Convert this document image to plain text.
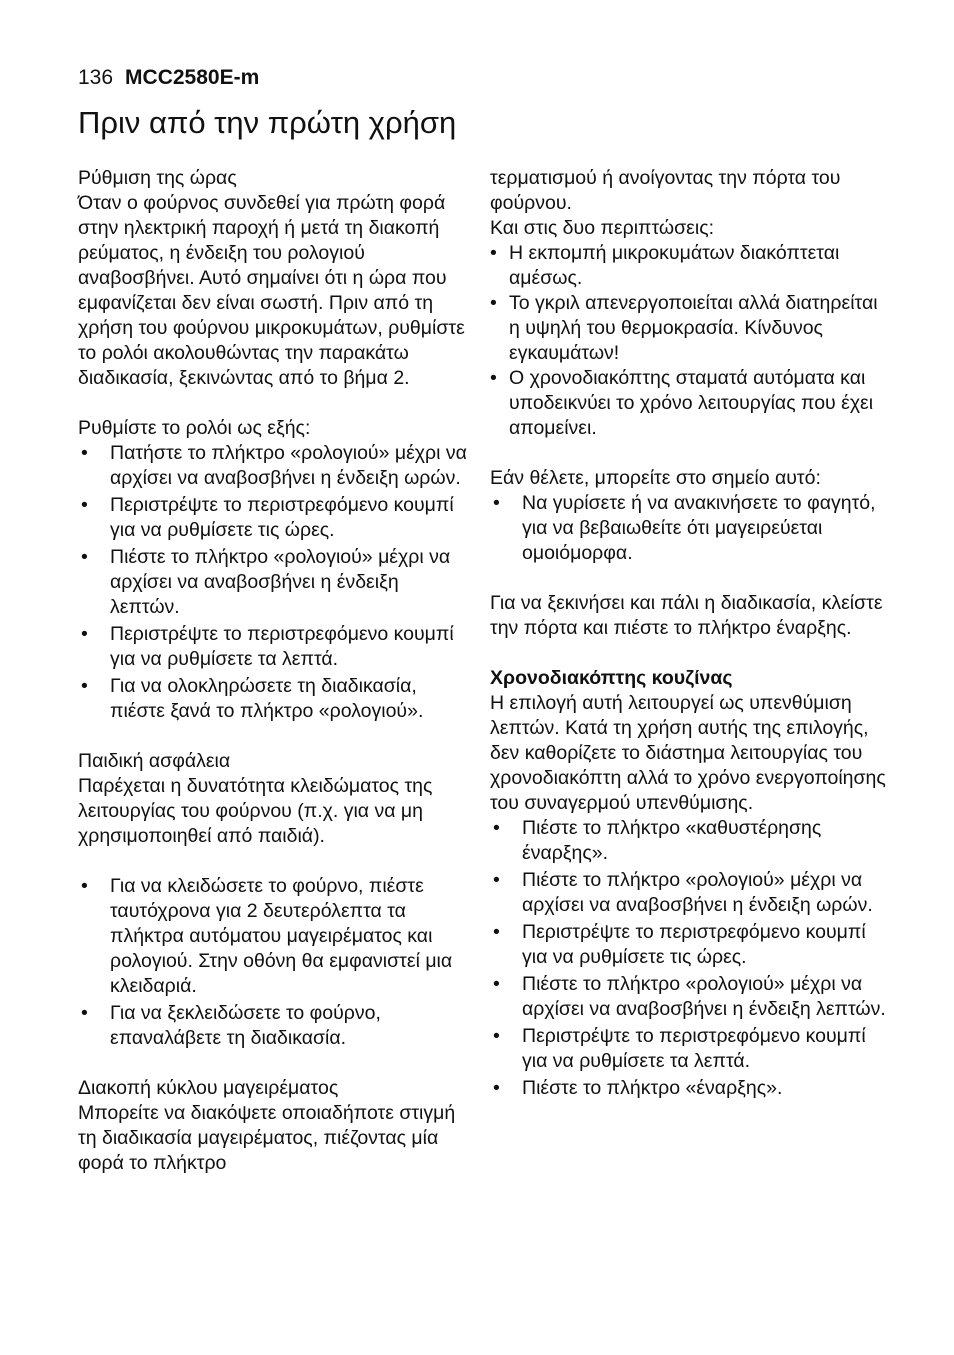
136 MCC2580E-m
Πριν από την πρώτη χρήση

Ρύθμιση της ώρας

Όταν ο φούρνος συνδεθεί για πρώτη φορά στην ηλεκτρική παροχή ή μετά τη διακοπή ρεύματος, η ένδειξη του ρολογιού αναβοσβήνει. Αυτό σημαίνει ότι η ώρα που εμφανίζεται δεν είναι σωστή. Πριν από τη χρήση του φούρνου μικροκυμάτων, ρυθμίστε το ρολόι ακολουθώντας την παρακάτω διαδικασία, ξεκινώντας από το βήμα 2.

Ρυθμίστε το ρολόι ως εξής:

• Πατήστε το πλήκτρο «ρολογιού» μέχρι να αρχίσει να αναβοσβήνει η ένδειξη ωρών.
• Περιστρέψτε το περιστρεφόμενο κουμπί για να ρυθμίσετε τις ώρες.
• Πιέστε το πλήκτρο «ρολογιού» μέχρι να αρχίσει να αναβοσβήνει η ένδειξη λεπτών.
• Περιστρέψτε το περιστρεφόμενο κουμπί για να ρυθμίσετε τα λεπτά.
• Για να ολοκληρώσετε τη διαδικασία, πιέστε ξανά το πλήκτρο «ρολογιού».

Παιδική ασφάλεια

Παρέχεται η δυνατότητα κλειδώματος της λειτουργίας του φούρνου (π.χ. για να μη χρησιμοποιηθεί από παιδιά).

• Για να κλειδώσετε το φούρνο, πιέστε ταυτόχρονα για 2 δευτερόλεπτα τα πλήκτρα αυτόματου μαγειρέματος και ρολογιού. Στην οθόνη θα εμφανιστεί μια κλειδαριά.
• Για να ξεκλειδώσετε το φούρνο, επαναλάβετε τη διαδικασία.

Διακοπή κύκλου μαγειρέματος

Μπορείτε να διακόψετε οποιαδήποτε στιγμή τη διαδικασία μαγειρέματος, πιέζοντας μία φορά το πλήκτρο

τερματισμού ή ανοίγοντας την πόρτα του φούρνου.

Και στις δυο περιπτώσεις:

• Η εκπομπή μικροκυμάτων διακόπτεται αμέσως.
• Το γκριλ απενεργοποιείται αλλά διατηρείται η υψηλή του θερμοκρασία. Κίνδυνος εγκαυμάτων!
• Ο χρονοδιακόπτης σταματά αυτόματα και υποδεικνύει το χρόνο λειτουργίας που έχει απομείνει.

Εάν θέλετε, μπορείτε στο σημείο αυτό:

• Να γυρίσετε ή να ανακινήσετε το φαγητό, για να βεβαιωθείτε ότι μαγειρεύεται ομοιόμορφα.

Για να ξεκινήσει και πάλι η διαδικασία, κλείστε την πόρτα και πιέστε το πλήκτρο έναρξης.

Χρονοδιακόπτης κουζίνας

Η επιλογή αυτή λειτουργεί ως υπενθύμιση λεπτών. Κατά τη χρήση αυτής της επιλογής, δεν καθορίζετε το διάστημα λειτουργίας του χρονοδιακόπτη αλλά το χρόνο ενεργοποίησης του συναγερμού υπενθύμισης.

• Πιέστε το πλήκτρο «καθυστέρησης έναρξης».
• Πιέστε το πλήκτρο «ρολογιού» μέχρι να αρχίσει να αναβοσβήνει η ένδειξη ωρών.
• Περιστρέψτε το περιστρεφόμενο κουμπί για να ρυθμίσετε τις ώρες.
• Πιέστε το πλήκτρο «ρολογιού» μέχρι να αρχίσει να αναβοσβήνει η ένδειξη λεπτών.
• Περιστρέψτε το περιστρεφόμενο κουμπί για να ρυθμίσετε τα λεπτά.
• Πιέστε το πλήκτρο «έναρξης».
